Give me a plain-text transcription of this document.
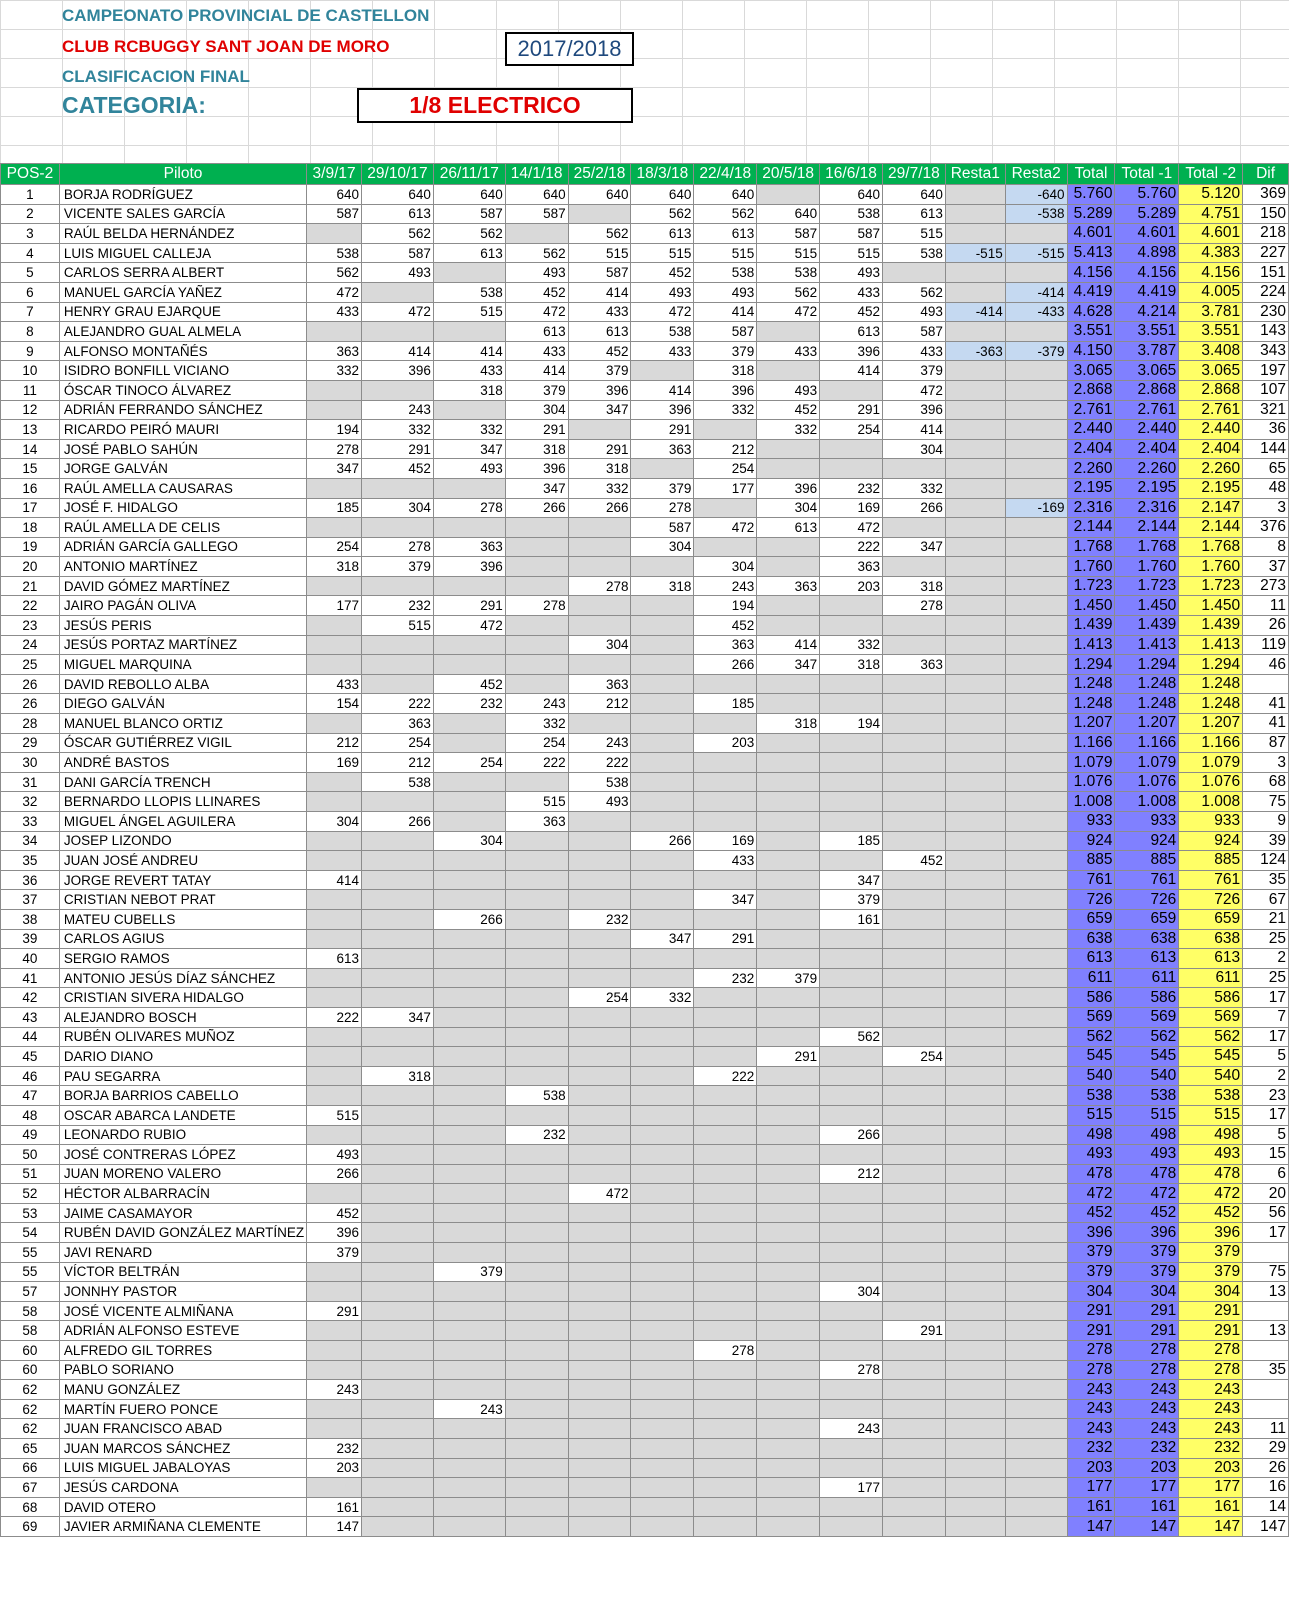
CAMPEONATO PROVINCIAL DE CASTELLON
CLUB RCBUGGY SANT JOAN DE MORO
CLASIFICACION FINAL
CATEGORIA:
2017/2018
1/8 ELECTRICO
POS-2	Piloto	3/9/17	29/10/17	26/11/17	14/1/18	25/2/18	18/3/18	22/4/18	20/5/18	16/6/18	29/7/18	Resta1	Resta2	Total	Total -1	Total -2	Dif
1	BORJA RODRÍGUEZ	640	640	640	640	640	640	640		640	640		-640	5.760	5.760	5.120	369
2	VICENTE SALES GARCÍA	587	613	587	587		562	562	640	538	613		-538	5.289	5.289	4.751	150
3	RAÚL BELDA HERNÁNDEZ		562	562		562	613	613	587	587	515			4.601	4.601	4.601	218
4	LUIS MIGUEL CALLEJA	538	587	613	562	515	515	515	515	515	538	-515	-515	5.413	4.898	4.383	227
5	CARLOS SERRA ALBERT	562	493		493	587	452	538	538	493				4.156	4.156	4.156	151
6	MANUEL GARCÍA YAÑEZ	472		538	452	414	493	493	562	433	562		-414	4.419	4.419	4.005	224
7	HENRY GRAU EJARQUE	433	472	515	472	433	472	414	472	452	493	-414	-433	4.628	4.214	3.781	230
8	ALEJANDRO GUAL ALMELA				613	613	538	587		613	587			3.551	3.551	3.551	143
9	ALFONSO MONTAÑÉS	363	414	414	433	452	433	379	433	396	433	-363	-379	4.150	3.787	3.408	343
10	ISIDRO BONFILL VICIANO	332	396	433	414	379		318		414	379			3.065	3.065	3.065	197
11	ÓSCAR TINOCO ÁLVAREZ			318	379	396	414	396	493		472			2.868	2.868	2.868	107
12	ADRIÁN FERRANDO SÁNCHEZ		243		304	347	396	332	452	291	396			2.761	2.761	2.761	321
13	RICARDO PEIRÓ MAURI	194	332	332	291		291		332	254	414			2.440	2.440	2.440	36
14	JOSÉ PABLO SAHÚN	278	291	347	318	291	363	212			304			2.404	2.404	2.404	144
15	JORGE GALVÁN	347	452	493	396	318		254						2.260	2.260	2.260	65
16	RAÚL AMELLA CAUSARAS				347	332	379	177	396	232	332			2.195	2.195	2.195	48
17	JOSÉ F. HIDALGO	185	304	278	266	266	278		304	169	266		-169	2.316	2.316	2.147	3
18	RAÚL AMELLA DE CELIS						587	472	613	472				2.144	2.144	2.144	376
19	ADRIÁN GARCÍA GALLEGO	254	278	363			304			222	347			1.768	1.768	1.768	8
20	ANTONIO MARTÍNEZ	318	379	396				304		363				1.760	1.760	1.760	37
21	DAVID GÓMEZ MARTÍNEZ					278	318	243	363	203	318			1.723	1.723	1.723	273
22	JAIRO PAGÁN OLIVA	177	232	291	278			194			278			1.450	1.450	1.450	11
23	JESÚS PERIS		515	472				452						1.439	1.439	1.439	26
24	JESÚS PORTAZ MARTÍNEZ					304		363	414	332				1.413	1.413	1.413	119
25	MIGUEL MARQUINA							266	347	318	363			1.294	1.294	1.294	46
26	DAVID REBOLLO ALBA	433		452		363								1.248	1.248	1.248	
26	DIEGO GALVÁN	154	222	232	243	212		185						1.248	1.248	1.248	41
28	MANUEL BLANCO ORTIZ		363		332				318	194				1.207	1.207	1.207	41
29	ÓSCAR GUTIÉRREZ VIGIL	212	254		254	243		203						1.166	1.166	1.166	87
30	ANDRÉ BASTOS	169	212	254	222	222								1.079	1.079	1.079	3
31	DANI GARCÍA TRENCH		538			538								1.076	1.076	1.076	68
32	BERNARDO LLOPIS LLINARES				515	493								1.008	1.008	1.008	75
33	MIGUEL ÁNGEL AGUILERA	304	266		363									933	933	933	9
34	JOSEP LIZONDO			304			266	169		185				924	924	924	39
35	JUAN JOSÉ ANDREU							433			452			885	885	885	124
36	JORGE REVERT TATAY	414								347				761	761	761	35
37	CRISTIAN NEBOT PRAT							347		379				726	726	726	67
38	MATEU CUBELLS			266		232				161				659	659	659	21
39	CARLOS AGIUS						347	291						638	638	638	25
40	SERGIO RAMOS	613												613	613	613	2
41	ANTONIO JESÚS DÍAZ SÁNCHEZ							232	379					611	611	611	25
42	CRISTIAN SIVERA HIDALGO					254	332							586	586	586	17
43	ALEJANDRO BOSCH	222	347											569	569	569	7
44	RUBÉN OLIVARES MUÑOZ									562				562	562	562	17
45	DARIO DIANO								291		254			545	545	545	5
46	PAU SEGARRA		318					222						540	540	540	2
47	BORJA BARRIOS CABELLO				538									538	538	538	23
48	OSCAR ABARCA LANDETE	515												515	515	515	17
49	LEONARDO RUBIO				232					266				498	498	498	5
50	JOSÉ CONTRERAS LÓPEZ	493												493	493	493	15
51	JUAN MORENO VALERO	266								212				478	478	478	6
52	HÉCTOR ALBARRACÍN					472								472	472	472	20
53	JAIME CASAMAYOR	452												452	452	452	56
54	RUBÉN DAVID GONZÁLEZ MARTÍNEZ	396												396	396	396	17
55	JAVI RENARD	379												379	379	379	
55	VÍCTOR BELTRÁN			379										379	379	379	75
57	JONNHY PASTOR									304				304	304	304	13
58	JOSÉ VICENTE ALMIÑANA	291												291	291	291	
58	ADRIÁN ALFONSO ESTEVE										291			291	291	291	13
60	ALFREDO GIL TORRES							278						278	278	278	
60	PABLO SORIANO									278				278	278	278	35
62	MANU GONZÁLEZ	243												243	243	243	
62	MARTÍN FUERO PONCE			243										243	243	243	
62	JUAN FRANCISCO ABAD									243				243	243	243	11
65	JUAN MARCOS SÁNCHEZ	232												232	232	232	29
66	LUIS MIGUEL JABALOYAS	203												203	203	203	26
67	JESÚS CARDONA									177				177	177	177	16
68	DAVID OTERO	161												161	161	161	14
69	JAVIER ARMIÑANA CLEMENTE	147												147	147	147	147
